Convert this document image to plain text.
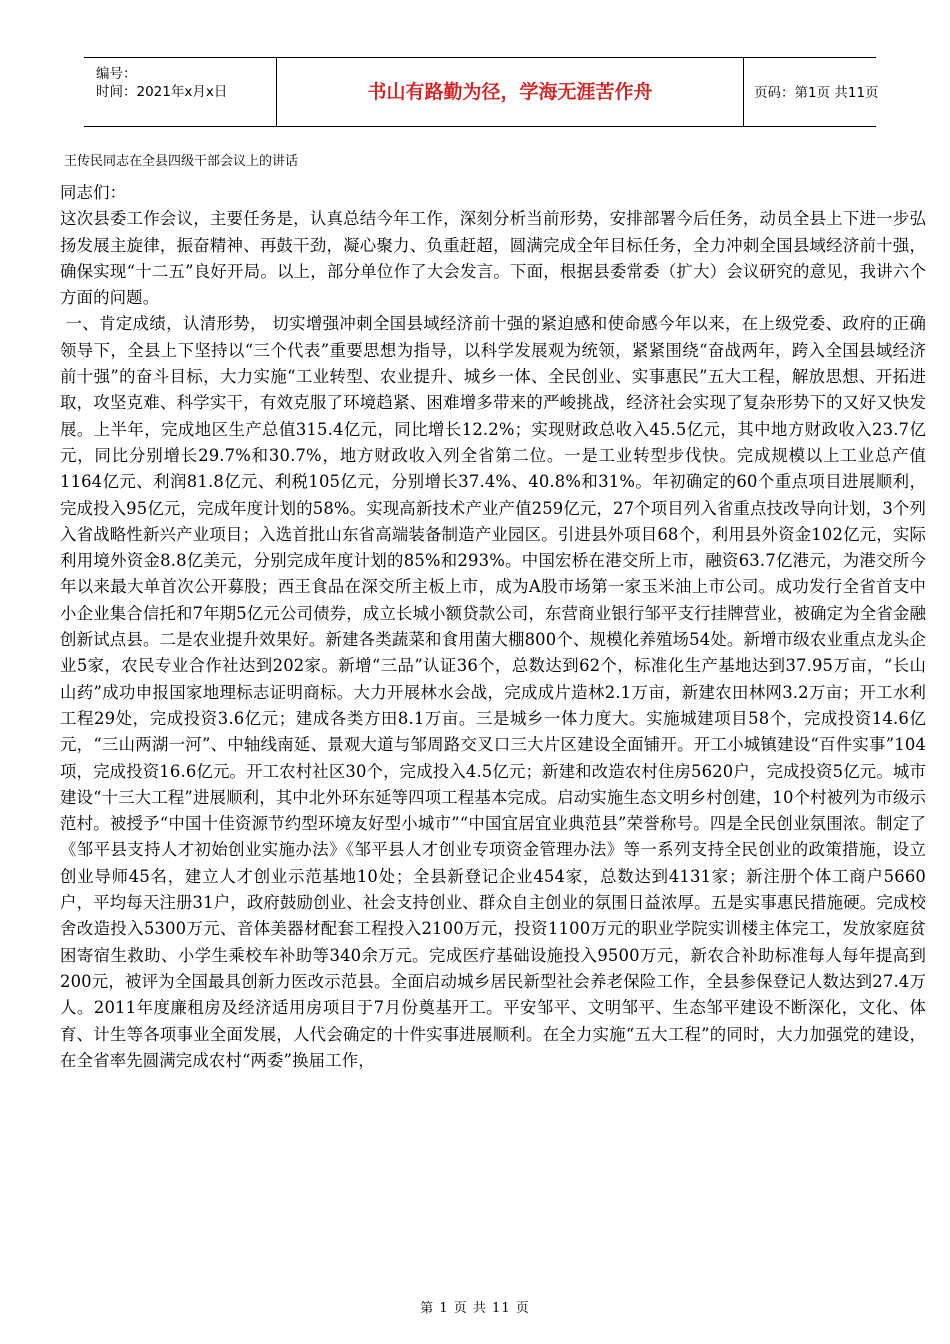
编号：
时间：2021年x月x日	书山有路勤为径，学海无涯苦作舟	页码：第1页 共11页
王传民同志在全县四级干部会议上的讲话

同志们：

这次县委工作会议，主要任务是，认真总结今年工作，深刻分析当前形势，安排部署今后任务，动员全县上下进一步弘扬发展主旋律，振奋精神、再鼓干劲，凝心聚力、负重赶超，圆满完成全年目标任务，全力冲刺全国县域经济前十强，确保实现“十二五”良好开局。以上，部分单位作了大会发言。下面，根据县委常委（扩大）会议研究的意见，我讲六个方面的问题。

一、肯定成绩，认清形势， 切实增强冲刺全国县域经济前十强的紧迫感和使命感今年以来，在上级党委、政府的正确领导下，全县上下坚持以“三个代表”重要思想为指导，以科学发展观为统领，紧紧围绕“奋战两年，跨入全国县域经济前十强”的奋斗目标，大力实施“工业转型、农业提升、城乡一体、全民创业、实事惠民”五大工程，解放思想、开拓进取，攻坚克难、科学实干，有效克服了环境趋紧、困难增多带来的严峻挑战，经济社会实现了复杂形势下的又好又快发展。上半年，完成地区生产总值315.4亿元，同比增长12.2%；实现财政总收入45.5亿元，其中地方财政收入23.7亿元，同比分别增长29.7%和30.7%，地方财政收入列全省第二位。一是工业转型步伐快。完成规模以上工业总产值1164亿元、利润81.8亿元、利税105亿元，分别增长37.4%、40.8%和31%。年初确定的60个重点项目进展顺利，完成投入95亿元，完成年度计划的58%。实现高新技术产业产值259亿元，27个项目列入省重点技改导向计划，3个列入省战略性新兴产业项目；入选首批山东省高端装备制造产业园区。引进县外项目68个，利用县外资金102亿元，实际利用境外资金8.8亿美元，分别完成年度计划的85%和293%。中国宏桥在港交所上市，融资63.7亿港元，为港交所今年以来最大单首次公开募股；西王食品在深交所主板上市，成为A股市场第一家玉米油上市公司。成功发行全省首支中小企业集合信托和7年期5亿元公司债券，成立长城小额贷款公司，东营商业银行邹平支行挂牌营业，被确定为全省金融创新试点县。二是农业提升效果好。新建各类蔬菜和食用菌大棚800个、规模化养殖场54处。新增市级农业重点龙头企业5家，农民专业合作社达到202家。新增“三品”认证36个，总数达到62个，标准化生产基地达到37.95万亩，“长山山药”成功申报国家地理标志证明商标。大力开展林水会战，完成成片造林2.1万亩，新建农田林网3.2万亩；开工水利工程29处，完成投资3.6亿元；建成各类方田8.1万亩。三是城乡一体力度大。实施城建项目58个，完成投资14.6亿元，“三山两湖一河”、中轴线南延、景观大道与邹周路交叉口三大片区建设全面铺开。开工小城镇建设“百件实事”104项，完成投资16.6亿元。开工农村社区30个，完成投入4.5亿元；新建和改造农村住房5620户，完成投资5亿元。城市建设“十三大工程”进展顺利，其中北外环东延等四项工程基本完成。启动实施生态文明乡村创建，10个村被列为市级示范村。被授予“中国十佳资源节约型环境友好型小城市”“中国宜居宜业典范县”荣誉称号。四是全民创业氛围浓。制定了《邹平县支持人才初始创业实施办法》《邹平县人才创业专项资金管理办法》等一系列支持全民创业的政策措施，设立创业导师45名，建立人才创业示范基地10处；全县新登记企业454家，总数达到4131家；新注册个体工商户5660户，平均每天注册31户，政府鼓励创业、社会支持创业、群众自主创业的氛围日益浓厚。五是实事惠民措施硬。完成校舍改造投入5300万元、音体美器材配套工程投入2100万元，投资1100万元的职业学院实训楼主体完工，发放家庭贫困寄宿生救助、小学生乘校车补助等340余万元。完成医疗基础设施投入9500万元，新农合补助标准每人每年提高到200元，被评为全国最具创新力医改示范县。全面启动城乡居民新型社会养老保险工作，全县参保登记人数达到27.4万人。2011年度廉租房及经济适用房项目于7月份奠基开工。平安邹平、文明邹平、生态邹平建设不断深化，文化、体育、计生等各项事业全面发展，人代会确定的十件实事进展顺利。在全力实施“五大工程”的同时，大力加强党的建设，在全省率先圆满完成农村“两委”换届工作，

第 1 页 共 11 页
